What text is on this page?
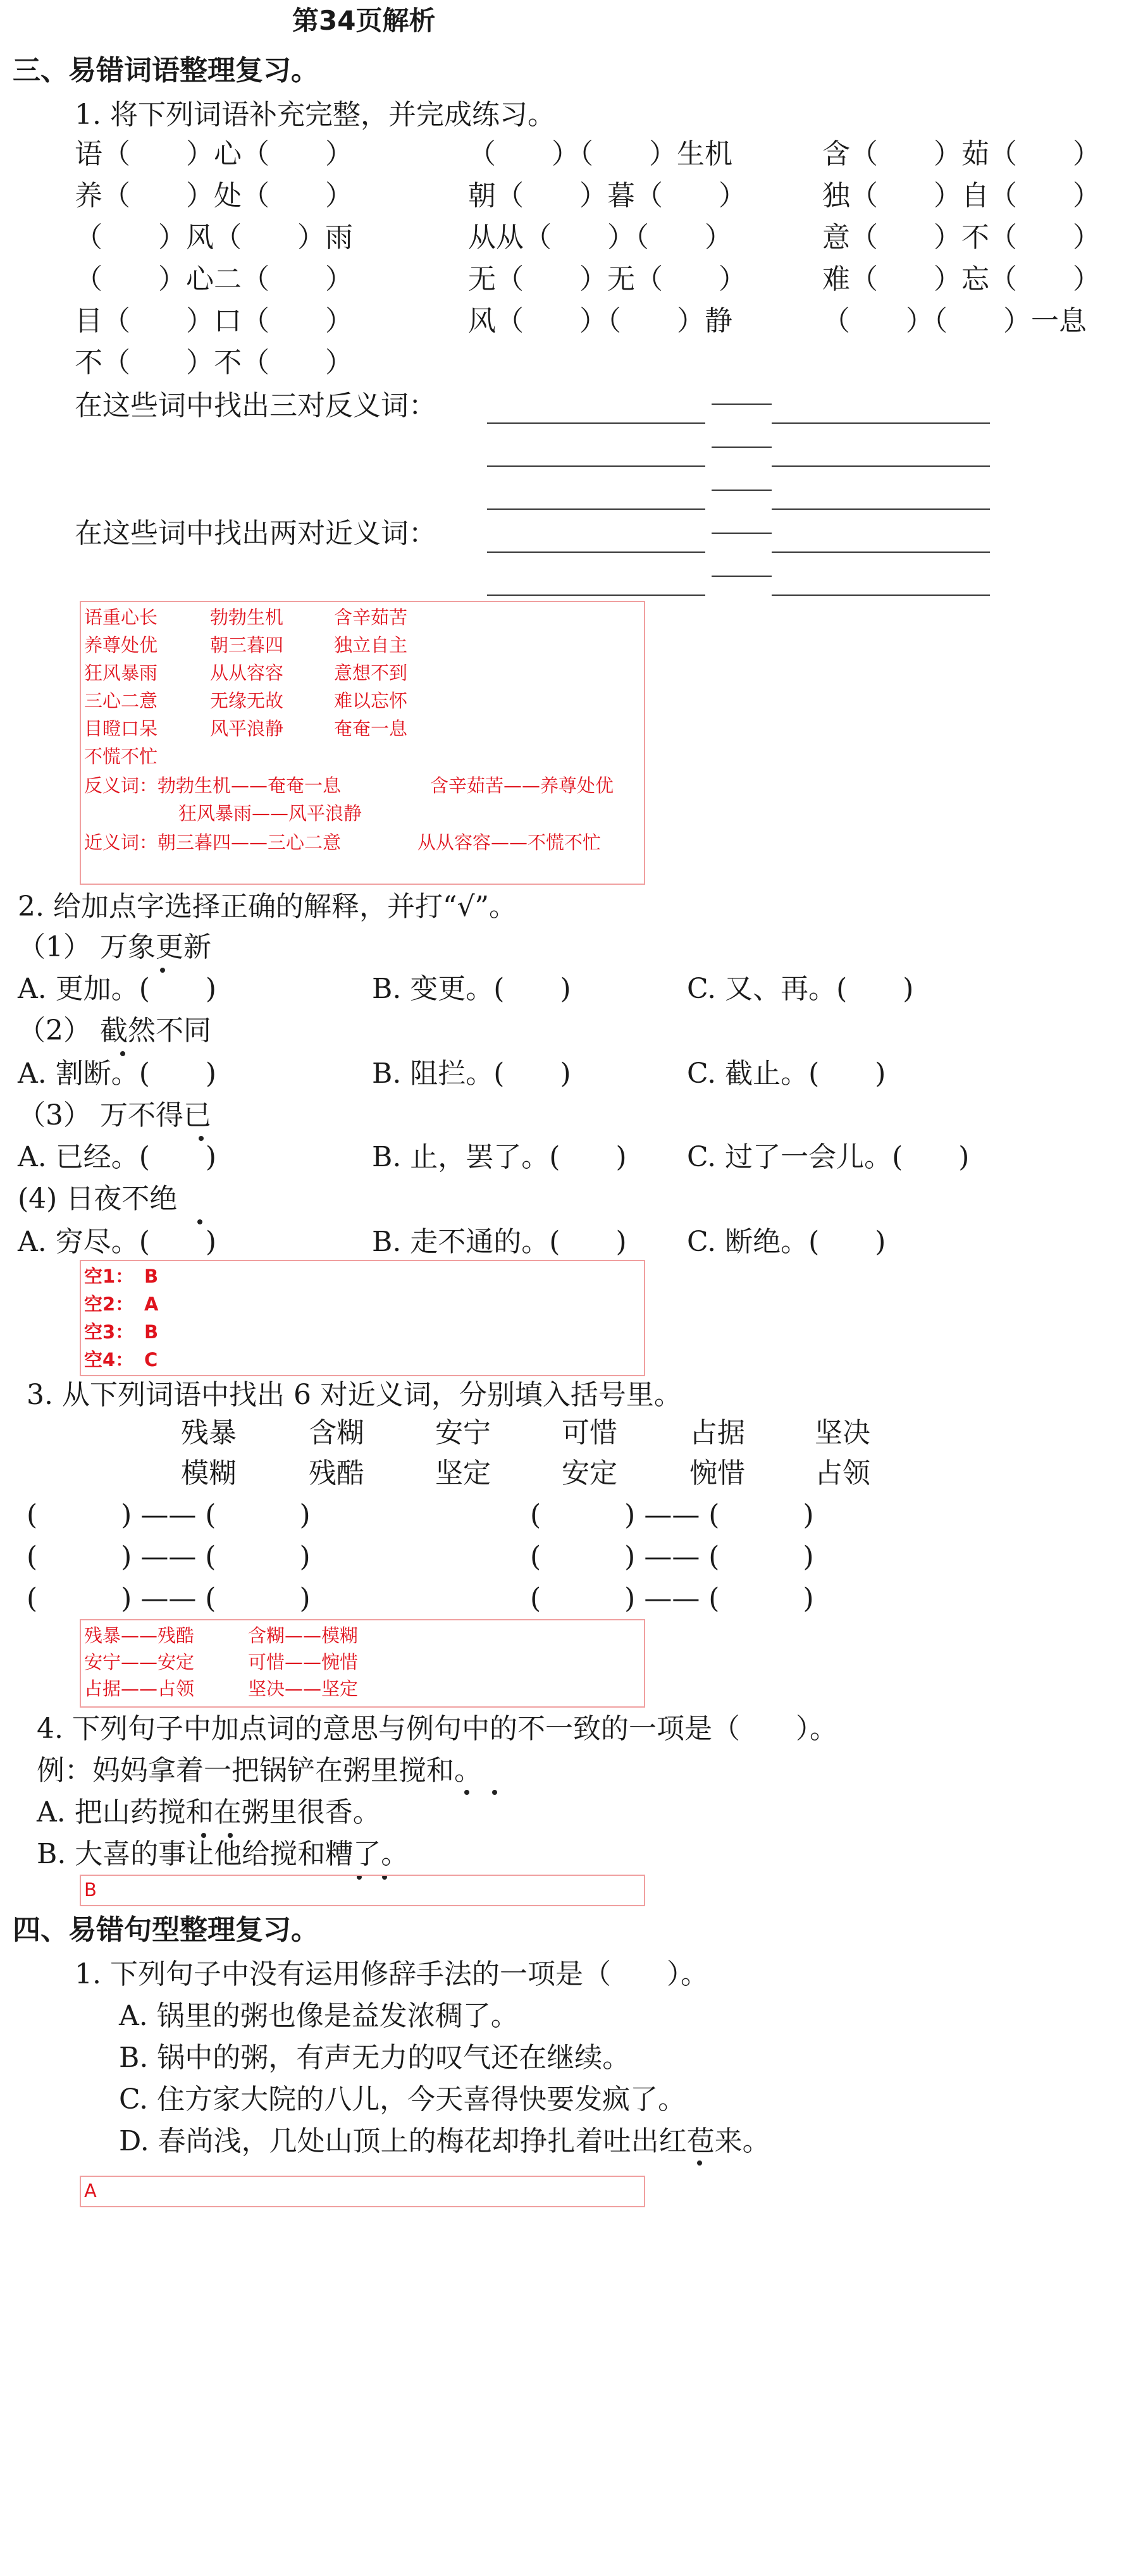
第34页解析
三、易错词语整理复习。
1. 将下列词语补充完整，并完成练习。
语（　　）心（　　）	（　　）（　　）生机	含（　　）茹（　　）
养（　　）处（　　）	朝（　　）暮（　　）	独（　　）自（　　）
（　　）风（　　）雨	从从（　　）（　　）	意（　　）不（　　）
（　　）心二（　　）	无（　　）无（　　）	难（　　）忘（　　）
目（　　）口（　　）	风（　　）（　　）静	（　　）（　　）一息
不（　　）不（　　）
在这些词中找出三对反义词：
在这些词中找出两对近义词：
语重心长	勃勃生机	含辛茹苦
养尊处优	朝三暮四	独立自主
狂风暴雨	从从容容	意想不到
三心二意	无缘无故	难以忘怀
目瞪口呆	风平浪静	奄奄一息
不慌不忙
反义词：勃勃生机——奄奄一息	含辛茹苦——养尊处优
狂风暴雨——风平浪静
近义词：朝三暮四——三心二意	从从容容——不慌不忙
2. 给加点字选择正确的解释，并打“√”。
（1） 万象更新
A. 更加。(　　)	B. 变更。(　　)	C. 又、再。(　　)
（2） 截然不同
A. 割断。(　　)	B. 阻拦。(　　)	C. 截止。(　　)
（3） 万不得已
A. 已经。(　　)	B. 止，罢了。(　　) C. 过了一会儿。(　　)
(4) 日夜不绝
A. 穷尽。(　　)	B. 走不通的。(　　) C. 断绝。(　　)
空1： B
空2： A
空3： B
空4： C
3. 从下列词语中找出 6 对近义词，分别填入括号里。
残暴	含糊	安宁	可惜	占据	坚决
模糊	残酷	坚定	安定	惋惜	占领
(　　　) —— (　　　)	(　　　) —— (　　　)
(　　　) —— (　　　)	(　　　) —— (　　　)
(　　　) —— (　　　)	(　　　) —— (　　　)
残暴——残酷	含糊——模糊
安宁——安定	可惜——惋惜
占据——占领	坚决——坚定
4. 下列句子中加点词的意思与例句中的不一致的一项是（　　）。
例：妈妈拿着一把锅铲在粥里搅和。
A. 把山药搅和在粥里很香。
B. 大喜的事让他给搅和糟了。
B
四、易错句型整理复习。
1. 下列句子中没有运用修辞手法的一项是（　　）。
A. 锅里的粥也像是益发浓稠了。
B. 锅中的粥，有声无力的叹气还在继续。
C. 住方家大院的八儿，今天喜得快要发疯了。
D. 春尚浅，几处山顶上的梅花却挣扎着吐出红苞来。
A
